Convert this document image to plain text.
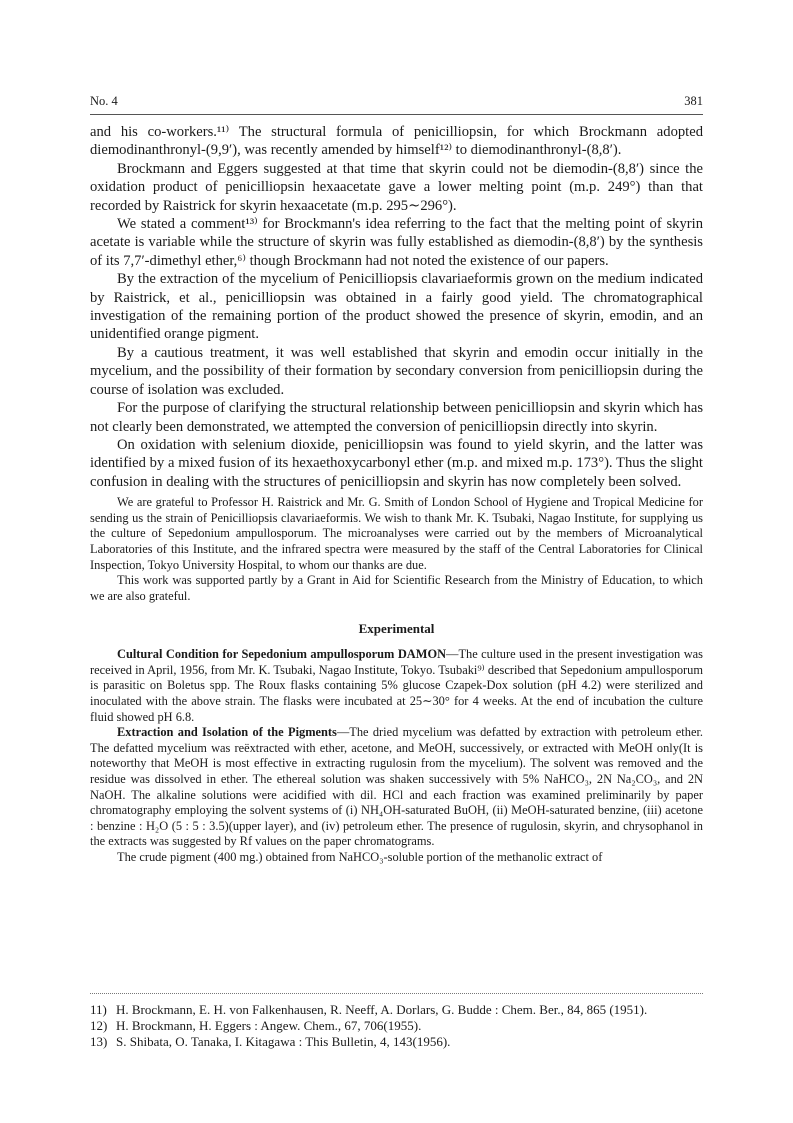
No. 4	381

and his co‑workers.¹¹⁾ The structural formula of penicilliopsin, for which Brockmann adopted diemodinanthronyl‑(9,9′), was recently amended by himself¹²⁾ to diemodinanthronyl‑(8,8′).

Brockmann and Eggers suggested at that time that skyrin could not be diemodin‑(8,8′) since the oxidation product of penicilliopsin hexaacetate gave a lower melting point (m.p. 249°) than that recorded by Raistrick for skyrin hexaacetate (m.p. 295∼296°).

We stated a comment¹³⁾ for Brockmann's idea referring to the fact that the melting point of skyrin acetate is variable while the structure of skyrin was fully established as diemodin‑(8,8′) by the synthesis of its 7,7′‑dimethyl ether,⁶⁾ though Brockmann had not noted the existence of our papers.

By the extraction of the mycelium of Penicilliopsis clavariaeformis grown on the medium indicated by Raistrick, et al., penicilliopsin was obtained in a fairly good yield. The chromatographical investigation of the remaining portion of the product showed the presence of skyrin, emodin, and an unidentified orange pigment.

By a cautious treatment, it was well established that skyrin and emodin occur initially in the mycelium, and the possibility of their formation by secondary conversion from penicilliopsin during the course of isolation was excluded.

For the purpose of clarifying the structural relationship between penicilliopsin and skyrin which has not clearly been demonstrated, we attempted the conversion of penicilliopsin directly into skyrin.

On oxidation with selenium dioxide, penicilliopsin was found to yield skyrin, and the latter was identified by a mixed fusion of its hexaethoxycarbonyl ether (m.p. and mixed m.p. 173°). Thus the slight confusion in dealing with the structures of penicilliopsin and skyrin has now completely been solved.

We are grateful to Professor H. Raistrick and Mr. G. Smith of London School of Hygiene and Tropical Medicine for sending us the strain of Penicilliopsis clavariaeformis. We wish to thank Mr. K. Tsubaki, Nagao Institute, for supplying us the culture of Sepedonium ampullosporum. The microanalyses were carried out by the members of Microanalytical Laboratories of this Institute, and the infrared spectra were measured by the staff of the Central Laboratories for Clinical Inspection, Tokyo University Hospital, to whom our thanks are due.

This work was supported partly by a Grant in Aid for Scientific Research from the Ministry of Education, to which we are also grateful.

Experimental

Cultural Condition for Sepedonium ampullosporum DAMON—The culture used in the present investigation was received in April, 1956, from Mr. K. Tsubaki, Nagao Institute, Tokyo. Tsubaki⁹⁾ described that Sepedonium ampullosporum is parasitic on Boletus spp. The Roux flasks containing 5% glucose Czapek‑Dox solution (pH 4.2) were sterilized and inoculated with the above strain. The flasks were incubated at 25∼30° for 4 weeks. At the end of incubation the culture fluid showed pH 6.8.

Extraction and Isolation of the Pigments—The dried mycelium was defatted by extraction with petroleum ether. The defatted mycelium was reëxtracted with ether, acetone, and MeOH, successively, or extracted with MeOH only(It is noteworthy that MeOH is most effective in extracting rugulosin from the mycelium). The solvent was removed and the residue was dissolved in ether. The ethereal solution was shaken successively with 5% NaHCO₃, 2N Na₂CO₃, and 2N NaOH. The alkaline solutions were acidified with dil. HCl and each fraction was examined preliminarily by paper chromatography employing the solvent systems of (i) NH₄OH‑saturated BuOH, (ii) MeOH‑saturated benzine, (iii) acetone : benzine : H₂O (5 : 5 : 3.5)(upper layer), and (iv) petroleum ether. The presence of rugulosin, skyrin, and chrysophanol in the extracts was suggested by Rf values on the paper chromatograms.

The crude pigment (400 mg.) obtained from NaHCO₃‑soluble portion of the methanolic extract of

11) H. Brockmann, E. H. von Falkenhausen, R. Neeff, A. Dorlars, G. Budde : Chem. Ber., 84, 865 (1951).
12) H. Brockmann, H. Eggers : Angew. Chem., 67, 706(1955).
13) S. Shibata, O. Tanaka, I. Kitagawa : This Bulletin, 4, 143(1956).
